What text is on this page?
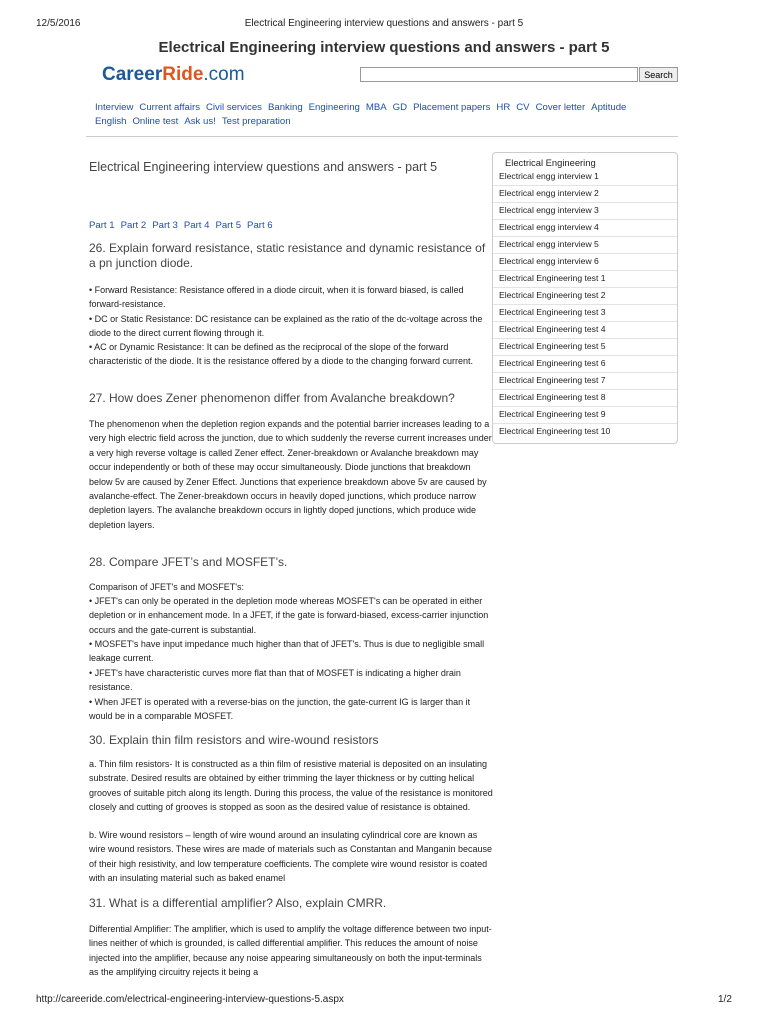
12/5/2016	Electrical Engineering interview questions and answers - part 5
http://careeride.com/electrical-engineering-interview-questions-5.aspx	1/2
Electrical Engineering interview questions and answers - part 5
CareerRide.com	Search
Interview Current affairs Civil services Banking Engineering MBA GD Placement papers HR CV Cover letter Aptitude
English Online test Ask us! Test preparation
Electrical Engineering interview questions and answers - part 5
Part 1 Part 2 Part 3 Part 4 Part 5 Part 6
26. Explain forward resistance, static resistance and dynamic resistance of a pn junction diode.
• Forward Resistance: Resistance offered in a diode circuit, when it is forward biased, is called forward-resistance.
• DC or Static Resistance: DC resistance can be explained as the ratio of the dc-voltage across the diode to the direct current flowing through it.
• AC or Dynamic Resistance: It can be defined as the reciprocal of the slope of the forward characteristic of the diode. It is the resistance offered by a diode to the changing forward current.
27. How does Zener phenomenon differ from Avalanche breakdown?
The phenomenon when the depletion region expands and the potential barrier increases leading to a very high electric field across the junction, due to which suddenly the reverse current increases under a very high reverse voltage is called Zener effect. Zener-breakdown or Avalanche breakdown may occur independently or both of these may occur simultaneously. Diode junctions that breakdown below 5v are caused by Zener Effect. Junctions that experience breakdown above 5v are caused by avalanche-effect. The Zener-breakdown occurs in heavily doped junctions, which produce narrow depletion layers. The avalanche breakdown occurs in lightly doped junctions, which produce wide depletion layers.
28. Compare JFET’s and MOSFET’s.
Comparison of JFET's and MOSFET's:
• JFET's can only be operated in the depletion mode whereas MOSFET's can be operated in either depletion or in enhancement mode. In a JFET, if the gate is forward-biased, excess-carrier injunction occurs and the gate-current is substantial.
• MOSFET's have input impedance much higher than that of JFET's. Thus is due to negligible small leakage current.
• JFET's have characteristic curves more flat than that of MOSFET is indicating a higher drain resistance.
• When JFET is operated with a reverse-bias on the junction, the gate-current IG is larger than it would be in a comparable MOSFET.
30. Explain thin film resistors and wire-wound resistors
a. Thin film resistors- It is constructed as a thin film of resistive material is deposited on an insulating substrate. Desired results are obtained by either trimming the layer thickness or by cutting helical grooves of suitable pitch along its length. During this process, the value of the resistance is monitored closely and cutting of grooves is stopped as soon as the desired value of resistance is obtained.
b. Wire wound resistors – length of wire wound around an insulating cylindrical core are known as wire wound resistors. These wires are made of materials such as Constantan and Manganin because of their high resistivity, and low temperature coefficients. The complete wire wound resistor is coated with an insulating material such as baked enamel
31. What is a differential amplifier? Also, explain CMRR.
Differential Amplifier: The amplifier, which is used to amplify the voltage difference between two input-lines neither of which is grounded, is called differential amplifier. This reduces the amount of noise injected into the amplifier, because any noise appearing simultaneously on both the input-terminals as the amplifying circuitry rejects it being a
Electrical Engineering
Electrical engg interview 1
Electrical engg interview 2
Electrical engg interview 3
Electrical engg interview 4
Electrical engg interview 5
Electrical engg interview 6
Electrical Engineering test 1
Electrical Engineering test 2
Electrical Engineering test 3
Electrical Engineering test 4
Electrical Engineering test 5
Electrical Engineering test 6
Electrical Engineering test 7
Electrical Engineering test 8
Electrical Engineering test 9
Electrical Engineering test 10
